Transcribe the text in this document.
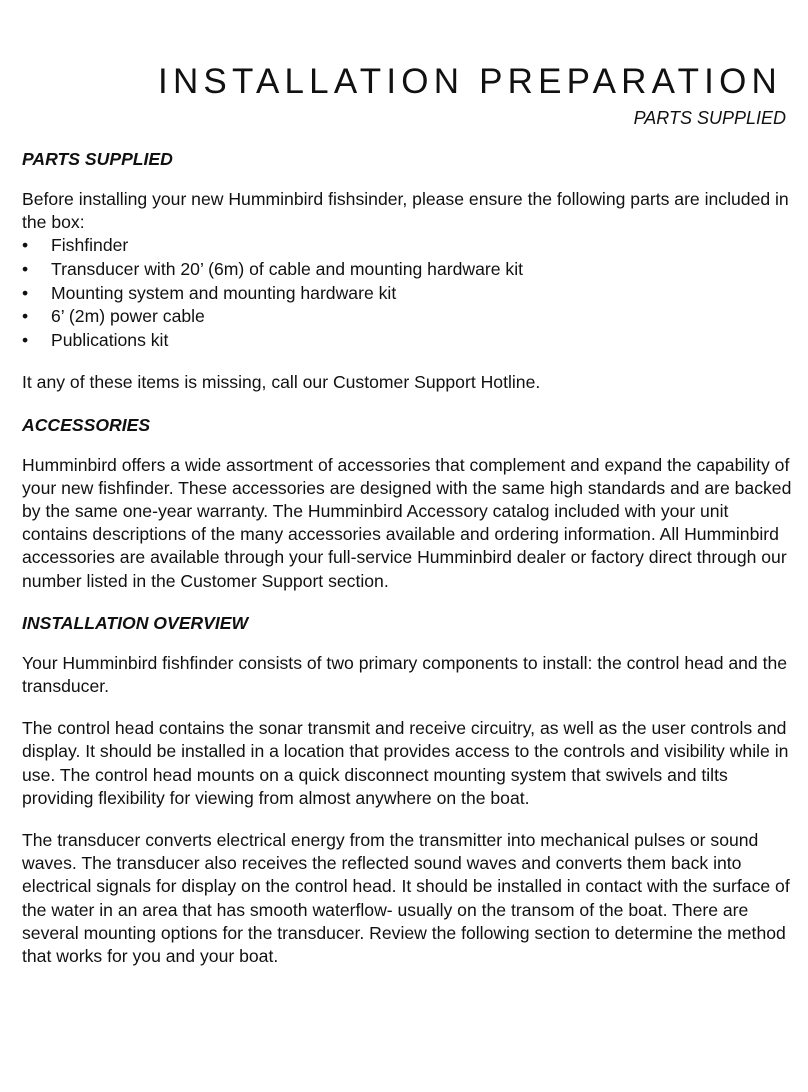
INSTALLATION PREPARATION
PARTS SUPPLIED
PARTS SUPPLIED

Before installing your new Humminbird fishsinder, please ensure the following parts are included in the box:

• Fishfinder
• Transducer with 20’ (6m) of cable and mounting hardware kit
• Mounting system and mounting hardware kit
• 6’ (2m) power cable
• Publications kit

It any of these items is missing, call our Customer Support Hotline.

ACCESSORIES

Humminbird offers a wide assortment of accessories that complement and expand the capability of your new fishfinder. These accessories are designed with the same high standards and are backed by the same one-year warranty. The Humminbird Accessory catalog included with your unit contains descriptions of the many accessories available and ordering information. All Humminbird accessories are available through your full-service Humminbird dealer or factory direct through our number listed in the Customer Support section.

INSTALLATION OVERVIEW

Your Humminbird fishfinder consists of two primary components to install: the control head and the transducer.

The control head contains the sonar transmit and receive circuitry, as well as the user controls and display. It should be installed in a location that provides access to the controls and visibility while in use. The control head mounts on a quick disconnect mounting system that swivels and tilts providing flexibility for viewing from almost anywhere on the boat.

The transducer converts electrical energy from the transmitter into mechanical pulses or sound waves. The transducer also receives the reflected sound waves and converts them back into electrical signals for display on the control head. It should be installed in contact with the surface of the water in an area that has smooth waterflow- usually on the transom of the boat. There are several mounting options for the transducer. Review the following section to determine the method that works for you and your boat.
